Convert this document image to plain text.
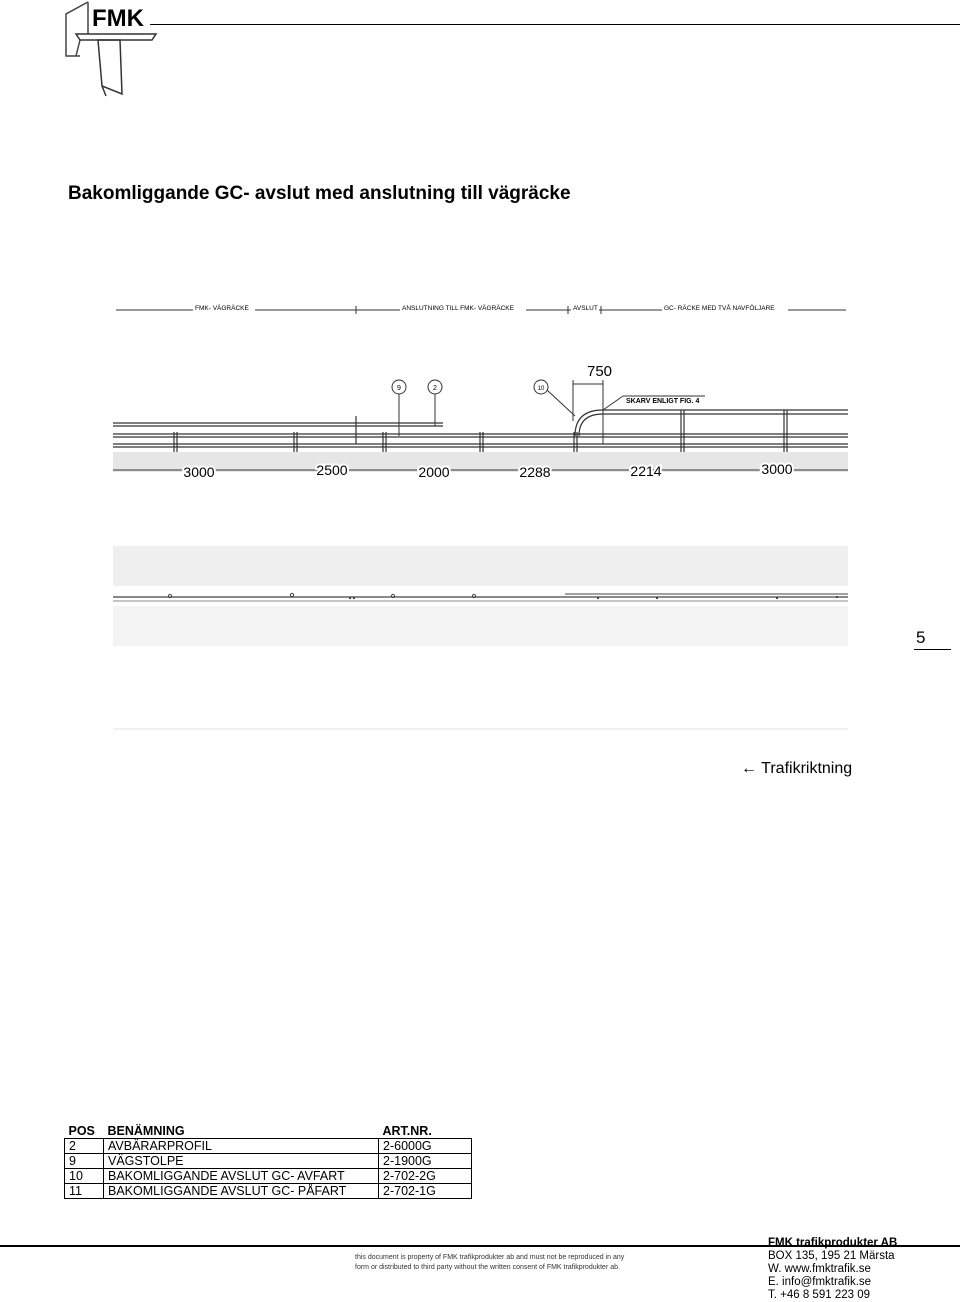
FMK
Bakomliggande GC- avslut med anslutning till vägräcke
FMK- VÄGRÄCKE	ANSLUTNING TILL FMK- VÄGRÄCKE	AVSLUT	GC- RÄCKE MED TVÅ NAVFÖLJARE
9	2	10
750
SKARV ENLIGT FIG. 4
3000	2500	2000	2288	2214	3000
5
← Trafikriktning
POS	BENÄMNING	ART.NR.
2	AVBÄRARPROFIL	2-6000G
9	VÄGSTOLPE	2-1900G
10	BAKOMLIGGANDE AVSLUT GC- AVFART	2-702-2G
11	BAKOMLIGGANDE AVSLUT GC- PÅFART	2-702-1G
this document is property of FMK trafikprodukter ab and must not be reproduced in any
form or distributed to third party without the written consent of FMK trafikprodukter ab.
FMK trafikprodukter AB
BOX 135, 195 21 Märsta
W. www.fmktrafik.se
E. info@fmktrafik.se
T. +46 8 591 223 09
